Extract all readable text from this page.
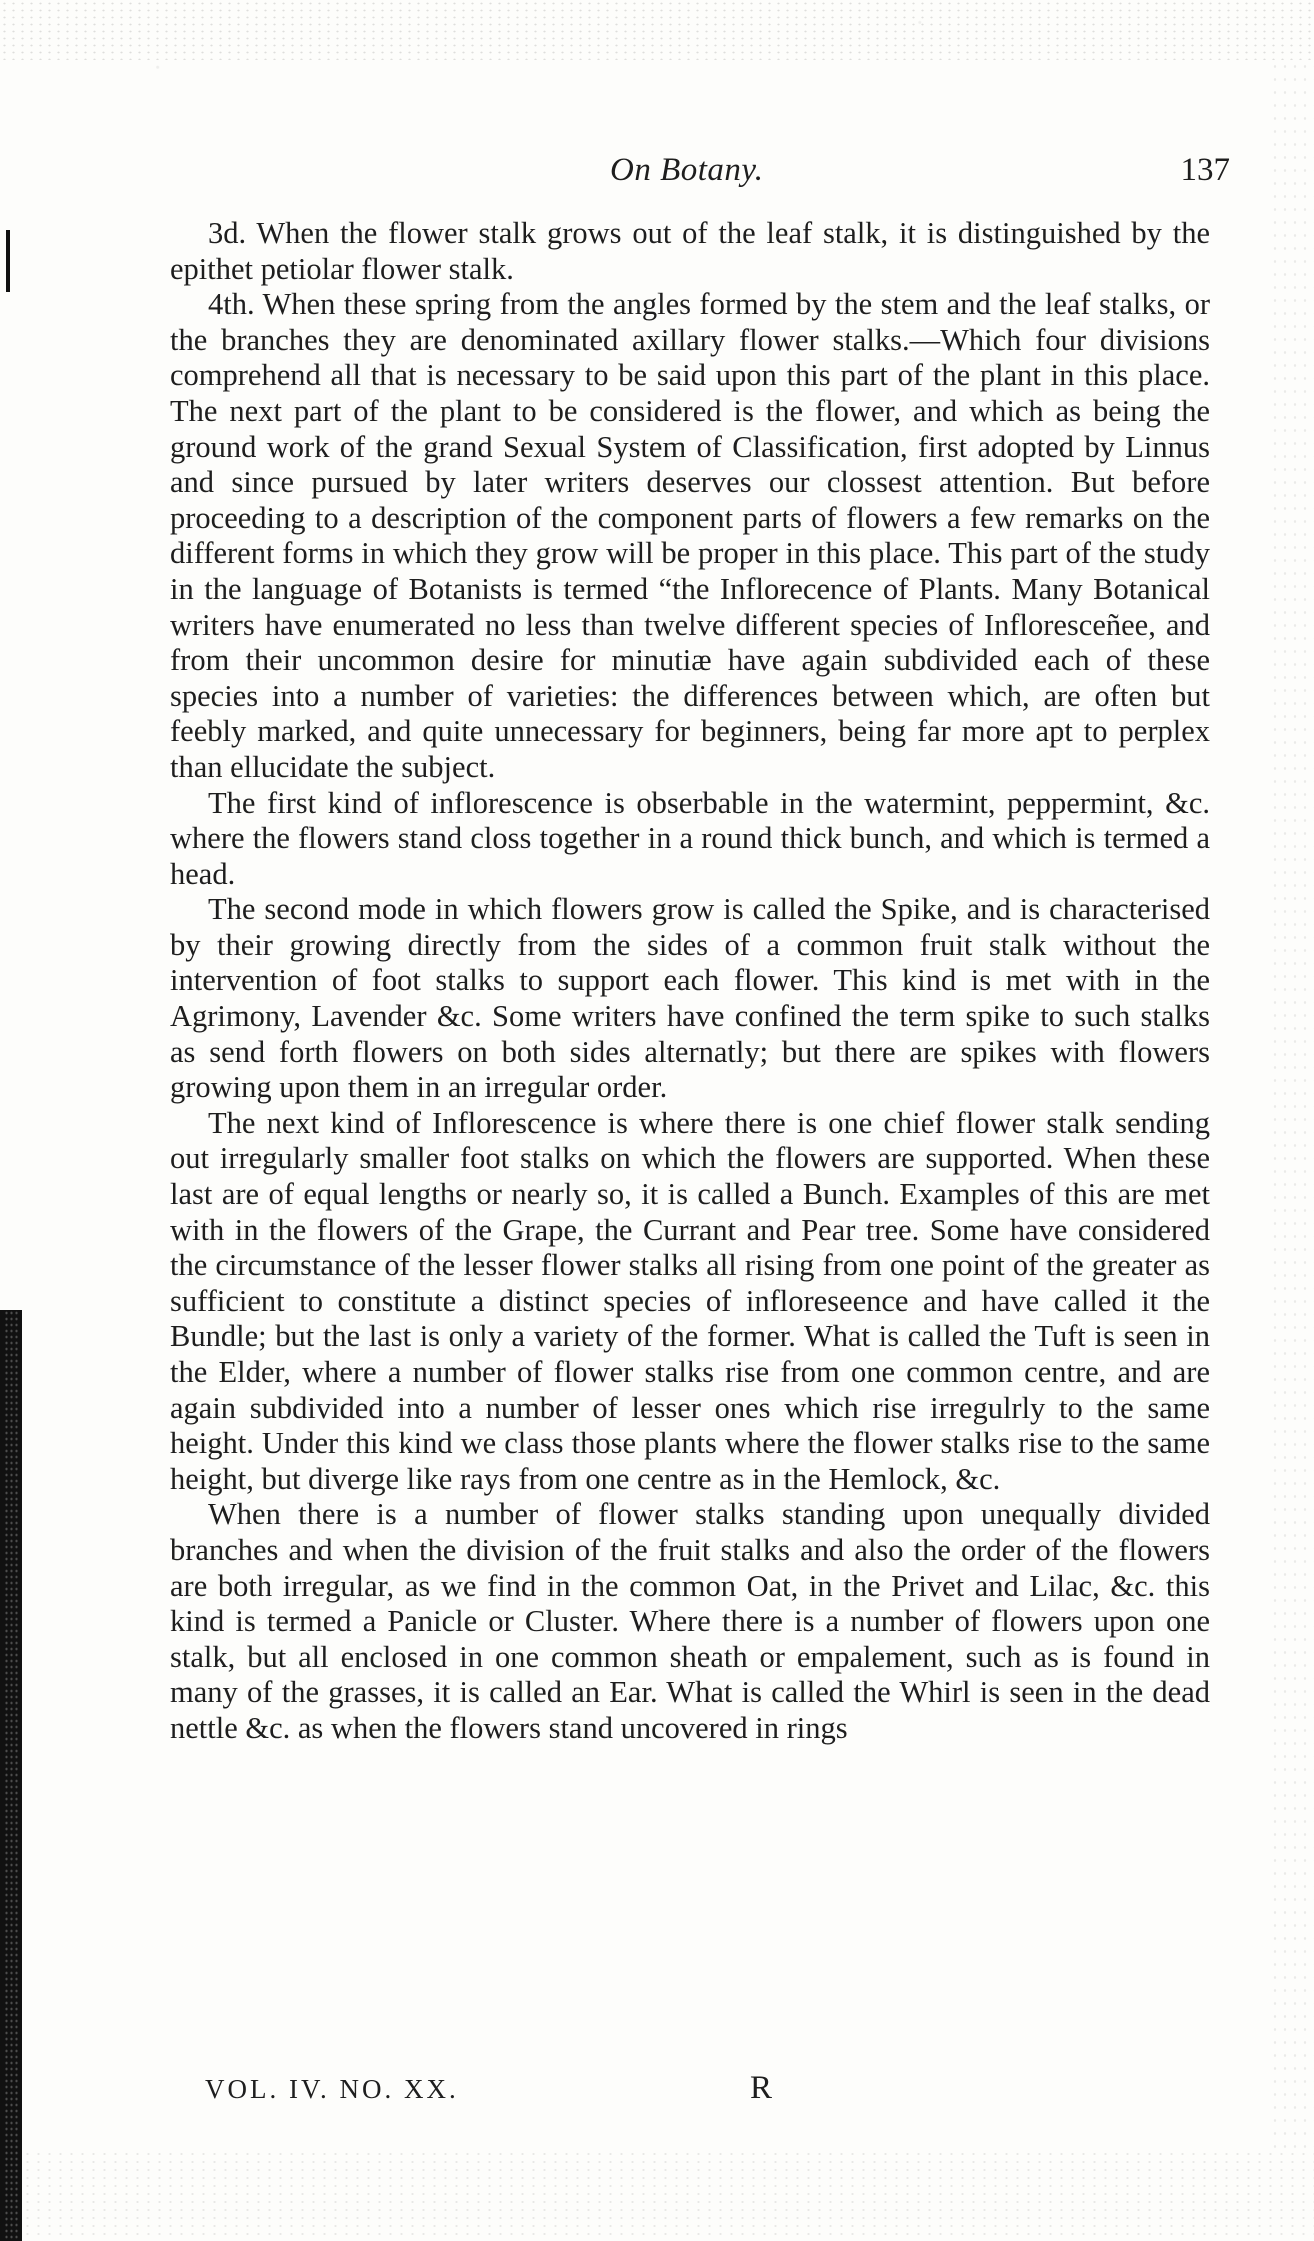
On Botany.	137

3d. When the flower stalk grows out of the leaf stalk, it is distinguished by the epithet petiolar flower stalk.

4th. When these spring from the angles formed by the stem and the leaf stalks, or the branches they are denominated axillary flower stalks.—Which four divisions comprehend all that is necessary to be said upon this part of the plant in this place. The next part of the plant to be considered is the flower, and which as being the ground work of the grand Sexual System of Classification, first adopted by Linnus and since pursued by later writers deserves our clossest attention. But before proceeding to a description of the component parts of flowers a few remarks on the different forms in which they grow will be proper in this place. This part of the study in the language of Botanists is termed “the Inflorecence of Plants. Many Botanical writers have enumerated no less than twelve different species of Infloresceñee, and from their uncommon desire for minutiæ have again subdivided each of these species into a number of varieties: the differences between which, are often but feebly marked, and quite unnecessary for beginners, being far more apt to perplex than ellucidate the subject.

The first kind of inflorescence is obserbable in the watermint, peppermint, &c. where the flowers stand closs together in a round thick bunch, and which is termed a head.

The second mode in which flowers grow is called the Spike, and is characterised by their growing directly from the sides of a common fruit stalk without the intervention of foot stalks to support each flower. This kind is met with in the Agrimony, Lavender &c. Some writers have confined the term spike to such stalks as send forth flowers on both sides alternatly; but there are spikes with flowers growing upon them in an irregular order.

The next kind of Inflorescence is where there is one chief flower stalk sending out irregularly smaller foot stalks on which the flowers are supported. When these last are of equal lengths or nearly so, it is called a Bunch. Examples of this are met with in the flowers of the Grape, the Currant and Pear tree. Some have considered the circumstance of the lesser flower stalks all rising from one point of the greater as sufficient to constitute a distinct species of infloreseence and have called it the Bundle; but the last is only a variety of the former. What is called the Tuft is seen in the Elder, where a number of flower stalks rise from one common centre, and are again subdivided into a number of lesser ones which rise irregulrly to the same height. Under this kind we class those plants where the flower stalks rise to the same height, but diverge like rays from one centre as in the Hemlock, &c.

When there is a number of flower stalks standing upon unequally divided branches and when the division of the fruit stalks and also the order of the flowers are both irregular, as we find in the common Oat, in the Privet and Lilac, &c. this kind is termed a Panicle or Cluster. Where there is a number of flowers upon one stalk, but all enclosed in one common sheath or empalement, such as is found in many of the grasses, it is called an Ear. What is called the Whirl is seen in the dead nettle &c. as when the flowers stand uncovered in rings

VOL. IV. NO. XX.	R
